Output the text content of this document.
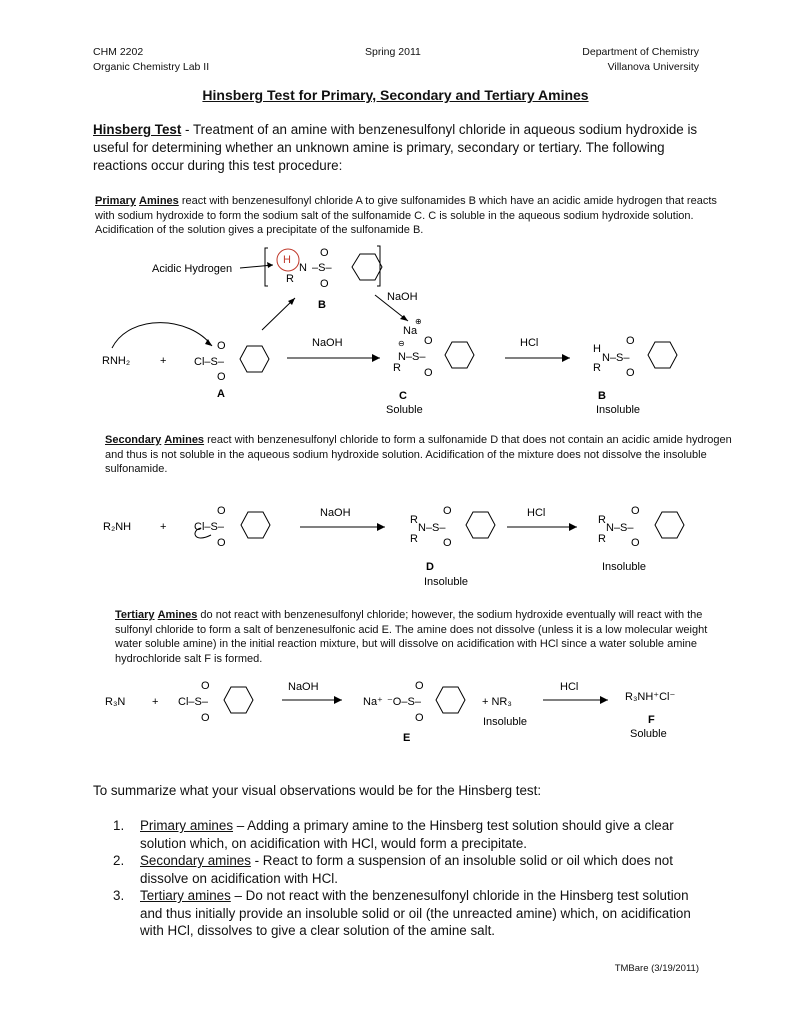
CHM 2202
Organic Chemistry Lab II
Spring 2011	Department of Chemistry
Villanova University
Hinsberg Test for Primary, Secondary and Tertiary Amines
Hinsberg Test - Treatment of an amine with benzenesulfonyl chloride in aqueous sodium hydroxide is useful for determining whether an unknown amine is primary, secondary or tertiary. The following reactions occur during this test procedure:
Primary Amines react with benzenesulfonyl chloride A to give sulfonamides B which have an acidic amide hydrogen that reacts with sodium hydroxide to form the sodium salt of the sulfonamide C. C is soluble in the aqueous sodium hydroxide solution. Acidification of the solution gives a precipitate of the sulfonamide B.
Acidic Hydrogen
H
N
R
–S–
O
O
B
NaOH
RNH₂	+	Cl–S–
O
O
A
NaOH
Na
⊕
⊖
N–S–
R
O
O
C
Soluble
HCl	H
N–S–
R
O
O
B
Insoluble
Secondary Amines react with benzenesulfonyl chloride to form a sulfonamide D that does not contain an acidic amide hydrogen and thus is not soluble in the aqueous sodium hydroxide solution. Acidification of the mixture does not dissolve the insoluble sulfonamide.
R₂NH	+	Cl–S–
O
O
NaOH
R
N–S–
R
O
O
D
Insoluble
HCl
R
N–S–
R
O
O
Insoluble
Tertiary Amines do not react with benzenesulfonyl chloride; however, the sodium hydroxide eventually will react with the sulfonyl chloride to form a salt of benzenesulfonic acid E. The amine does not dissolve (unless it is a low molecular weight water soluble amine) in the initial reaction mixture, but will dissolve on acidification with HCl since a water soluble amine hydrochloride salt F is formed.
R₃N + Cl–S–
O
O
NaOH
Na⁺ ⁻O–S–
O
O
E
+ NR₃
Insoluble
HCl
R₃NH⁺Cl⁻
F
Soluble
To summarize what your visual observations would be for the Hinsberg test:
1.	Primary amines – Adding a primary amine to the Hinsberg test solution should give a clear solution which, on acidification with HCl, would form a precipitate.
2.	Secondary amines - React to form a suspension of an insoluble solid or oil which does not dissolve on acidification with HCl.
3.	Tertiary amines – Do not react with the benzenesulfonyl chloride in the Hinsberg test solution and thus initially provide an insoluble solid or oil (the unreacted amine) which, on acidification with HCl, dissolves to give a clear solution of the amine salt.
TMBare (3/19/2011)
